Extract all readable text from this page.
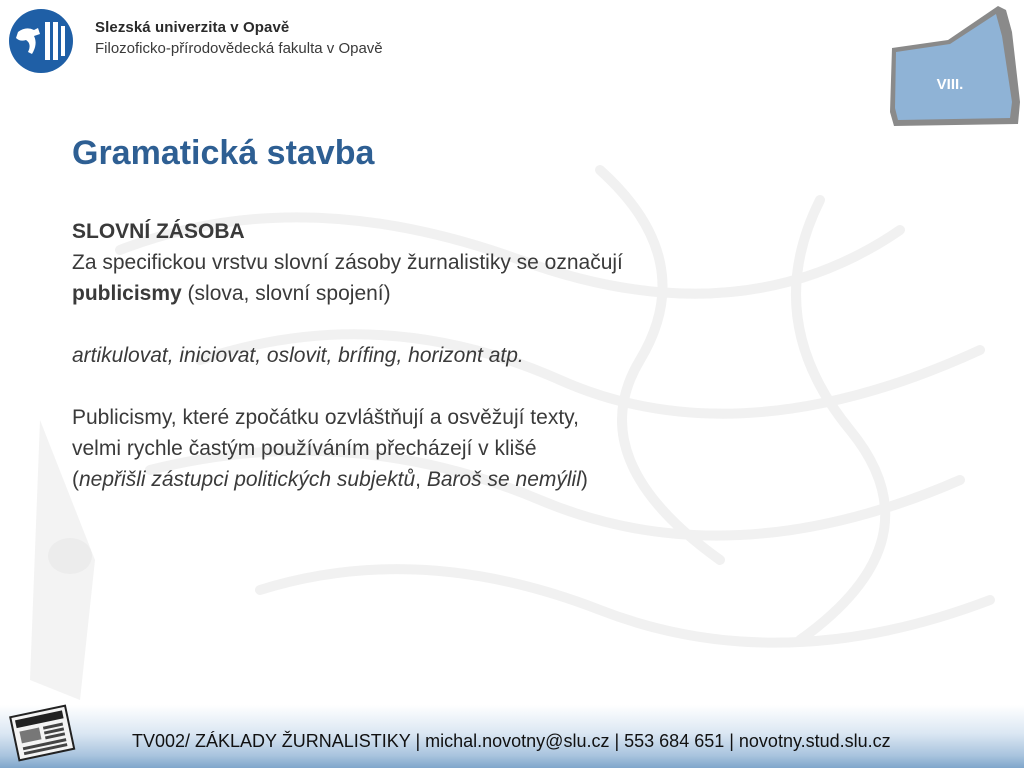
Slezská univerzita v Opavě
Filozoficko-přírodovědecká fakulta v Opavě
VIII.
Gramatická stavba
SLOVNÍ ZÁSOBA
Za specifickou vrstvu slovní zásoby žurnalistiky se označují
publicismy (slova, slovní spojení)
artikulovat, iniciovat, oslovit, bríﬁng, horizont atp.
Publicismy, které zpočátku ozvláštňují a osvěžují texty,
velmi rychle častým používáním přecházejí v klišé
(nepřišli zástupci politických subjektů, Baroš se nemýlil)
TV002/ ZÁKLADY ŽURNALISTIKY | michal.novotny@slu.cz | 553 684 651 | novotny.stud.slu.cz
